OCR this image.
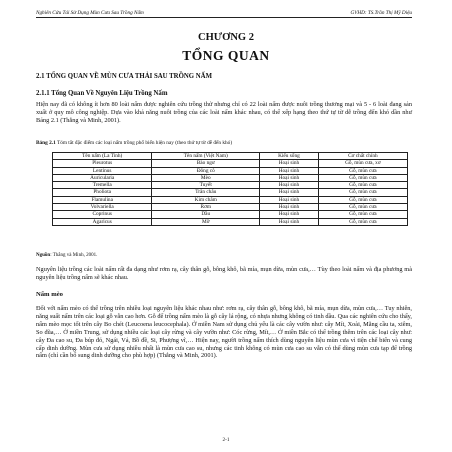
Nghiên Cứu Tái Sử Dụng Mùn Cưa Sau Trồng Nấm	GVHD: TS.Trần Thị Mỹ Diệu
CHƯƠNG 2
TỔNG QUAN
2.1 TỔNG QUAN VỀ MÙN CƯA THẢI SAU TRỒNG NẤM
2.1.1 Tổng Quan Về Nguyên Liệu Trồng Nấm

Hiện nay đã có không ít hơn 80 loài nấm được nghiên cứu trồng thử nhưng chỉ có 22 loài nấm được nuôi trồng thương mại và 5 - 6 loài đang sản xuất ở quy mô công nghiệp. Dựa vào khả năng nuôi trồng của các loài nấm khác nhau, có thể xếp hạng theo thứ tự từ dễ trồng đến khó dần như Bảng 2.1 (Thắng và Minh, 2001).

Bảng 2.1 Tóm tắt đặc điểm các loại nấm trồng phổ biến hiện nay (theo thứ tự từ dễ đến khó)
Tên nấm (La Tinh)	Tên nấm (Việt Nam)	Kiểu sống	Cơ chất chính
Pleurotus	Bào ngư	Hoại sinh	Gỗ, mùn cưa, xơ
Lentinus	Đông cô	Hoại sinh	Gỗ, mùn cưa
Auricularia	Mèo	Hoại sinh	Gỗ, mùn cưa
Tremella	Tuyết	Hoại sinh	Gỗ, mùn cưa
Pholiota	Trân châu	Hoại sinh	Gỗ, mùn cưa
Flamulina	Kim châm	Hoại sinh	Gỗ, mùn cưa
Volvariella	Rơm	Hoại sinh	Gỗ, mùn cưa
Coprinus	Dầu	Hoại sinh	Gỗ, mùn cưa
Agaricus	Mỡ	Hoại sinh	Gỗ, mùn cưa
Nguồn: Thắng và Minh, 2001.

Nguyên liệu trồng các loài nấm rất đa dạng như rơm rạ, cây thân gỗ, bông khô, bã mía, mụn dừa, mùn cưa,… Tùy theo loài nấm và địa phương mà nguyên liệu trồng nấm sẽ khác nhau.

Nấm mèo

Đối với nấm mèo có thể trồng trên nhiều loại nguyên liệu khác nhau như: rơm rạ, cây thân gỗ, bông khô, bã mía, mụn dừa, mùn cưa,… Tuy nhiên, năng suất nấm trên các loại gỗ vẫn cao hơn. Gỗ để trồng nấm mèo là gỗ cây lá rộng, có nhựa nhưng không có tinh dầu. Qua các nghiên cứu cho thấy, nấm mèo mọc tốt trên cây Bo chét (Leucoena leucocephala). Ở miền Nam sử dụng chủ yếu là các cây vườn như: cây Mít, Xoài, Măng cầu ta, xiêm, So đũa,… Ở miền Trung, sử dụng nhiều các loại cây rừng và cây vườn như: Cóc rừng, Mít,… Ở miền Bắc có thể trồng thêm trên các loại cây như: cây Đa cao su, Đa búp đỏ, Ngái, Vả, Bồ đề, Si, Phượng vĩ,… Hiện nay, người trồng nấm thích dùng nguyên liệu mùn cưa vì tiện chế biến và cung cấp dinh dưỡng. Mùn cưa sử dụng nhiều nhất là mùn cưa cao su, nhưng các tinh không có mùn cưa cao su vẫn có thể dùng mùn cưa tạp để trồng nấm (chỉ cần bổ sung dinh dưỡng cho phù hợp) (Thắng và Minh, 2001).

2-1
